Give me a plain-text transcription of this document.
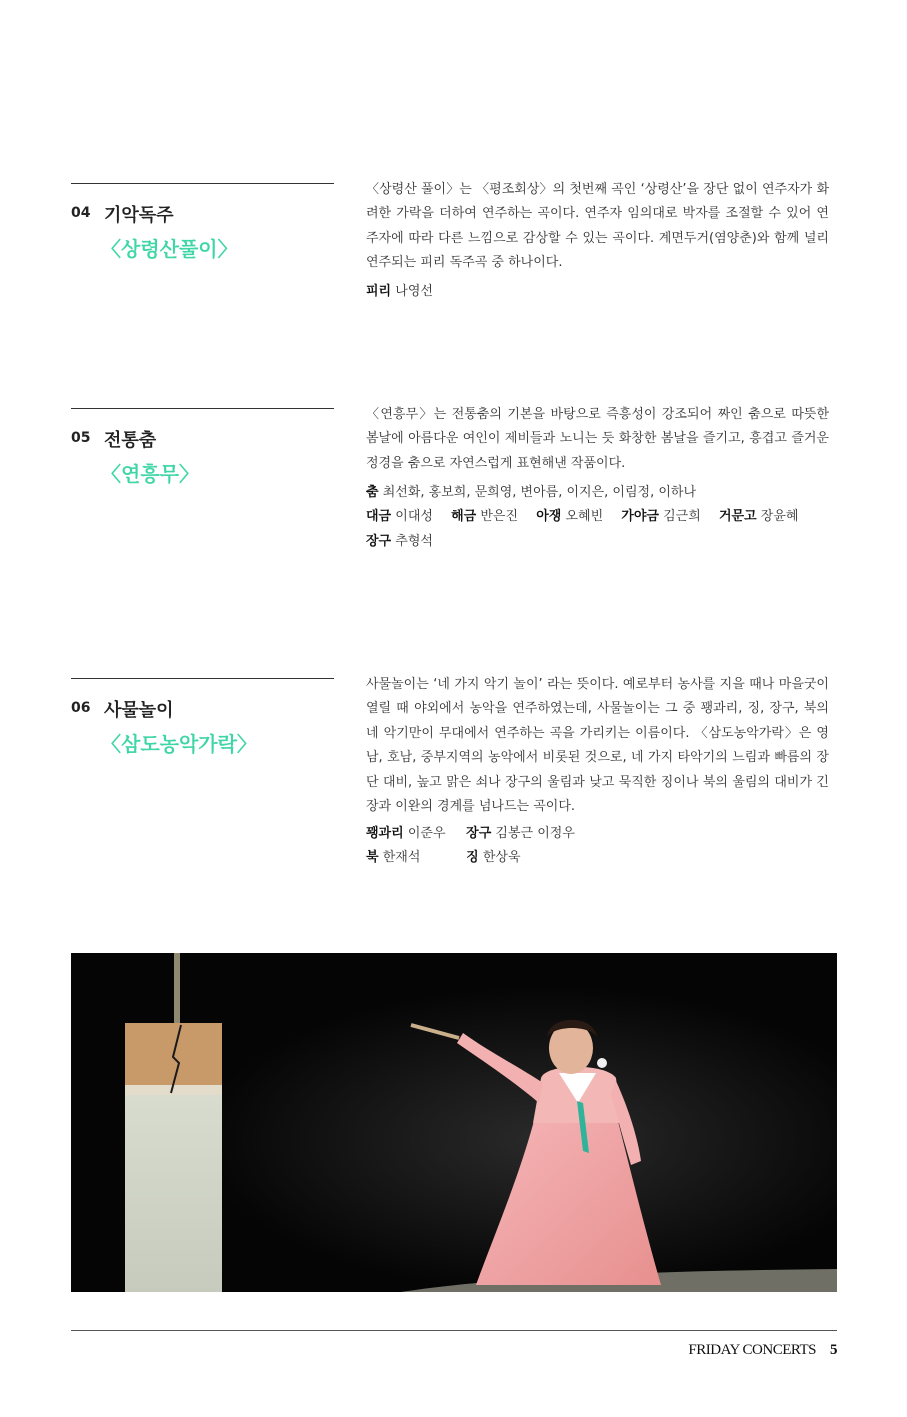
04 기악독주
〈상령산풀이〉

〈상령산 풀이〉는 〈평조회상〉의 첫번째 곡인 ‘상령산’을 장단 없이 연주자가 화려한 가락을 더하여 연주하는 곡이다. 연주자 임의대로 박자를 조절할 수 있어 연주자에 따라 다른 느낌으로 감상할 수 있는 곡이다. 계면두거(염양춘)와 함께 널리 연주되는 피리 독주곡 중 하나이다.

피리 나영선
05 전통춤
〈연흥무〉

〈연흥무〉는 전통춤의 기본을 바탕으로 즉흥성이 강조되어 짜인 춤으로 따뜻한 봄날에 아름다운 여인이 제비들과 노니는 듯 화창한 봄날을 즐기고, 흥겹고 즐거운 정경을 춤으로 자연스럽게 표현해낸 작품이다.

춤 최선화, 홍보희, 문희영, 변아름, 이지은, 이림정, 이하나
대금 이대성 해금 반은진 아쟁 오혜빈 가야금 김근희 거문고 장윤혜
장구 추형석
06 사물놀이
〈삼도농악가락〉

사물놀이는 ‘네 가지 악기 놀이’ 라는 뜻이다. 예로부터 농사를 지을 때나 마을굿이 열릴 때 야외에서 농악을 연주하였는데, 사물놀이는 그 중 꽹과리, 징, 장구, 북의 네 악기만이 무대에서 연주하는 곡을 가리키는 이름이다. 〈삼도농악가락〉은 영남, 호남, 중부지역의 농악에서 비롯된 것으로, 네 가지 타악기의 느림과 빠름의 장단 대비, 높고 맑은 쇠나 장구의 울림과 낮고 묵직한 징이나 북의 울림의 대비가 긴장과 이완의 경계를 넘나드는 곡이다.

꽹과리 이준우 장구 김봉근 이정우
북 한재석	징 한상욱
FRIDAY CONCERTS 5
